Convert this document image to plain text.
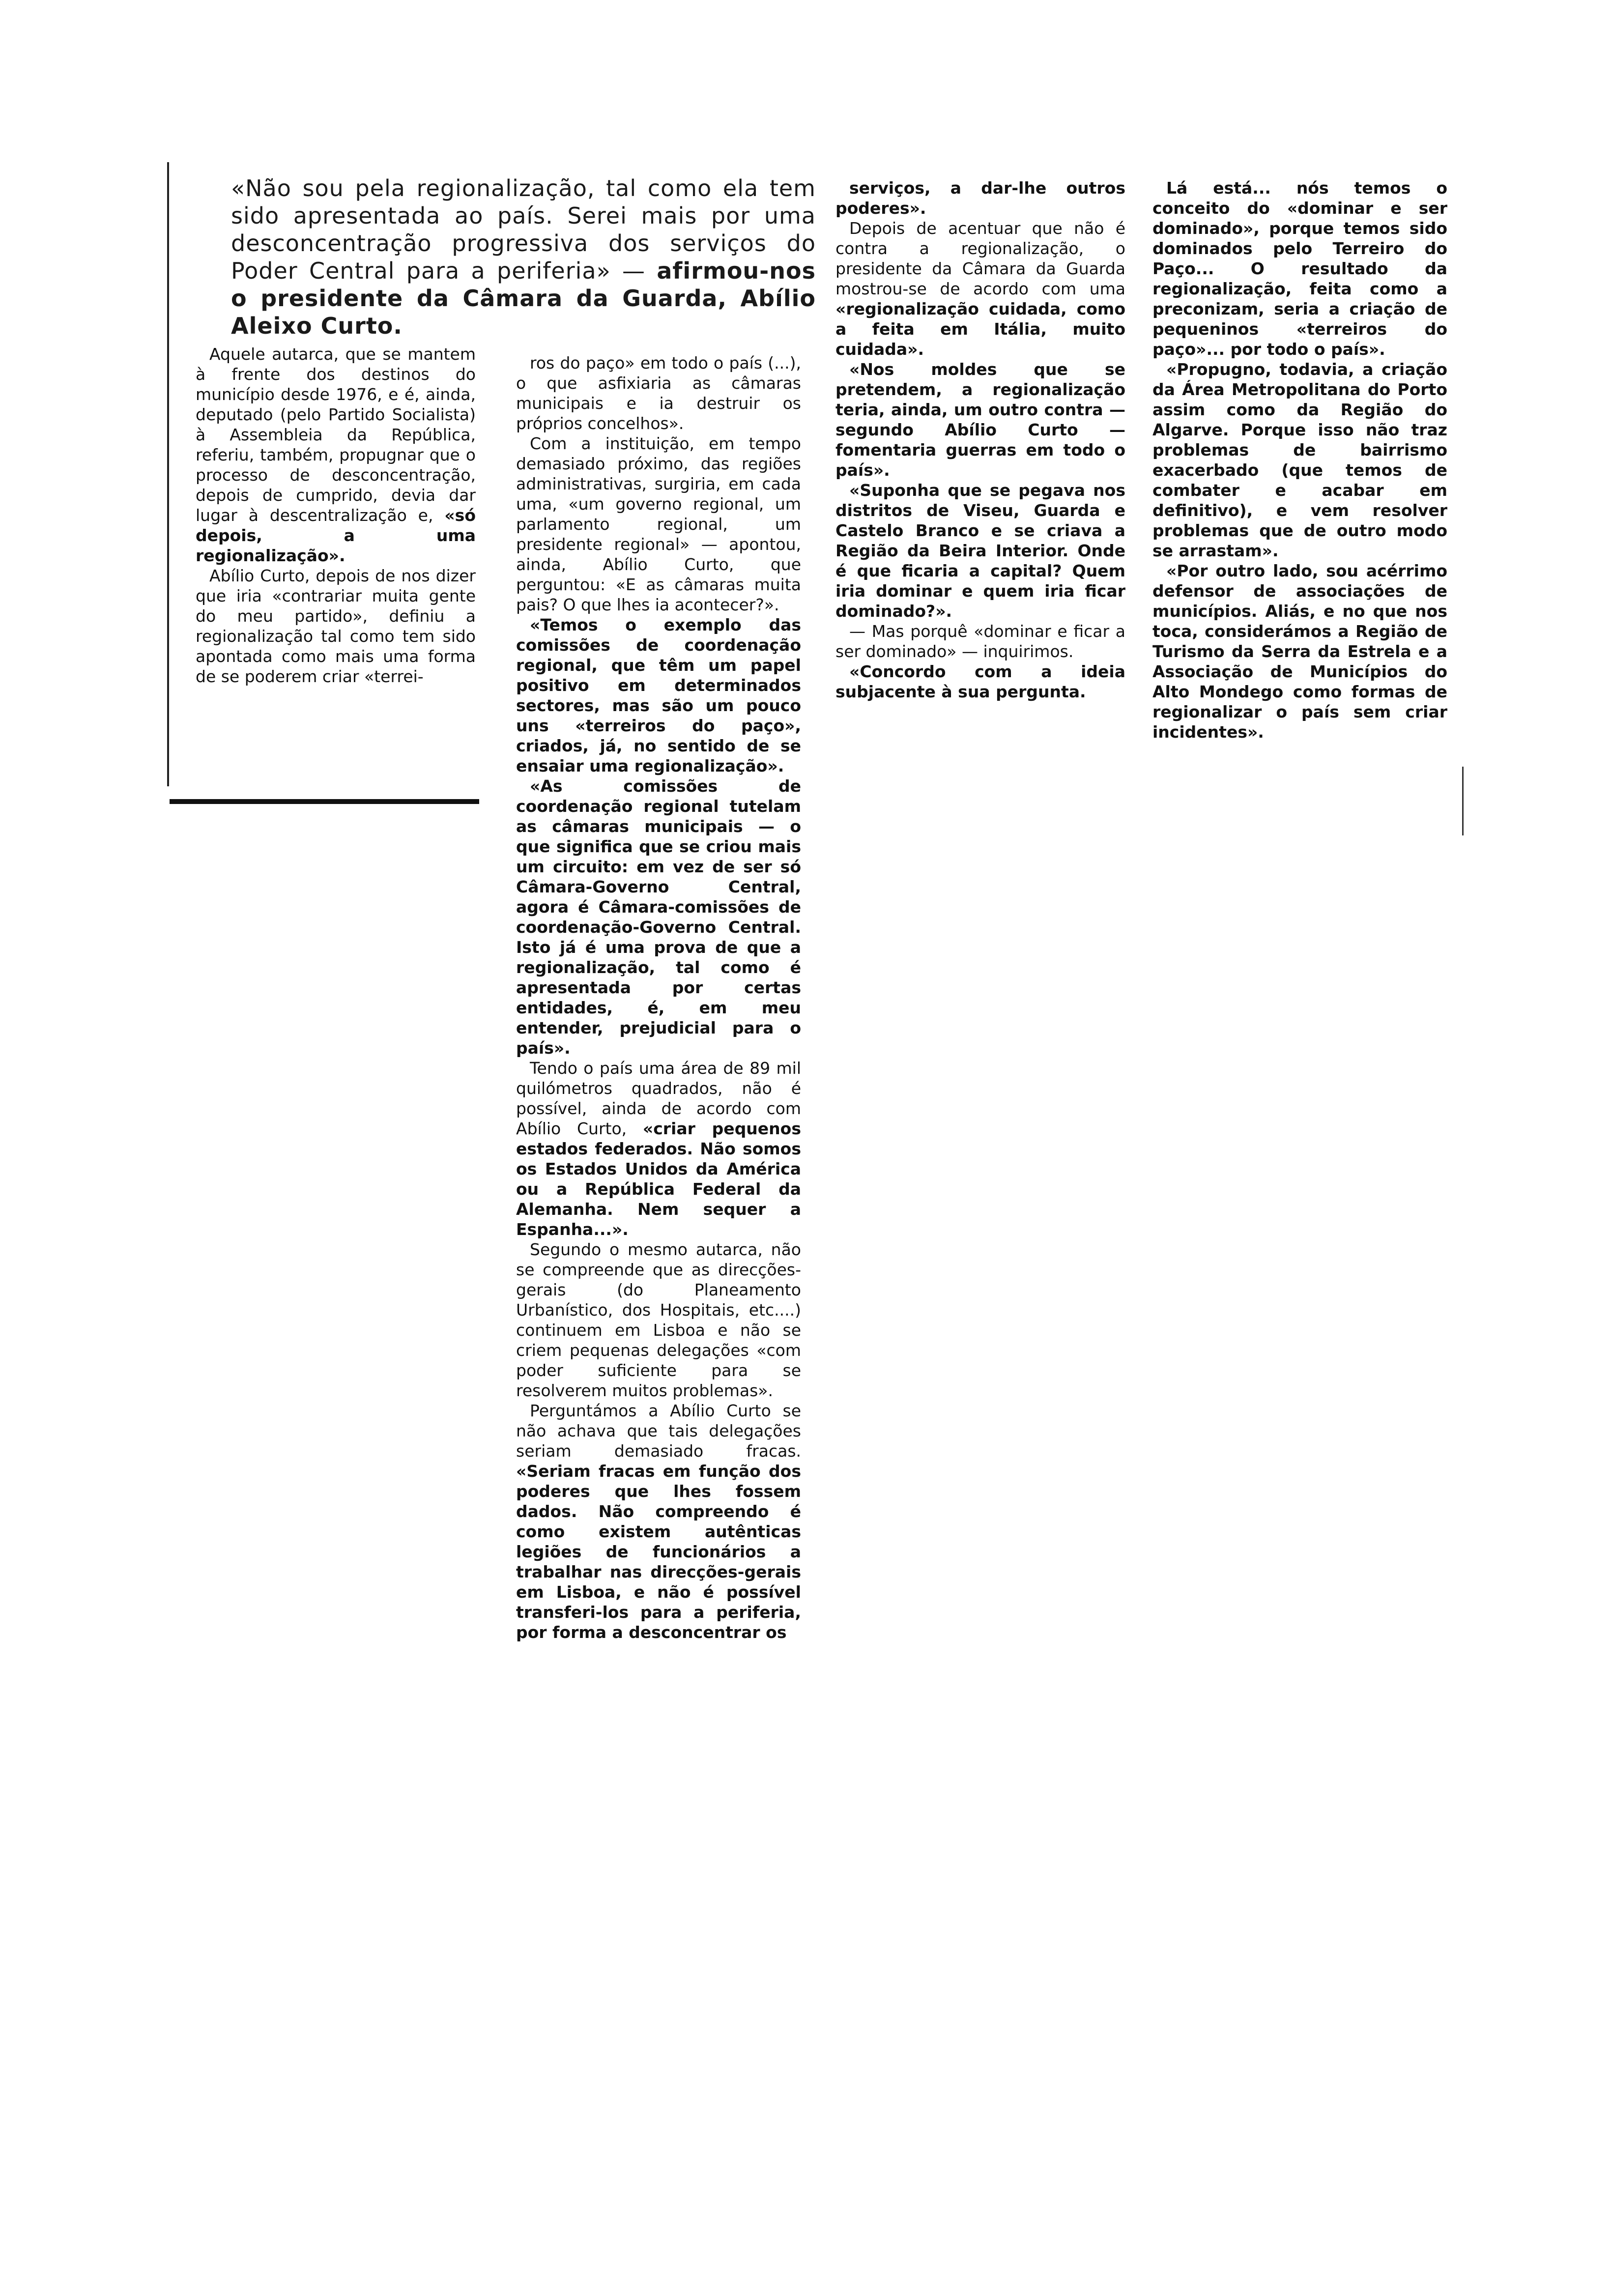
«Não sou pela regionalização, tal como ela tem sido apresentada ao país. Serei mais por uma desconcentração progressiva dos serviços do Poder Central para a periferia» — afirmou-nos o presidente da Câmara da Guarda, Abílio Aleixo Curto.

Aquele autarca, que se mantem à frente dos destinos do município desde 1976, e é, ainda, deputado (pelo Partido Socialista) à Assembleia da República, referiu, também, propugnar que o processo de desconcentração, depois de cumprido, devia dar lugar à descentralização e, «só depois, a uma regionalização».

Abílio Curto, depois de nos dizer que iria «contrariar muita gente do meu partido», definiu a regionalização tal como tem sido apontada como mais uma forma de se poderem criar «terrei-

ros do paço» em todo o país (...), o que asfixiaria as câmaras municipais e ia destruir os próprios concelhos».

Com a instituição, em tempo demasiado próximo, das regiões administrativas, surgiria, em cada uma, «um governo regional, um parlamento regional, um presidente regional» — apontou, ainda, Abílio Curto, que perguntou: «E as câmaras muita pais? O que lhes ia acontecer?».

«Temos o exemplo das comissões de coordenação regional, que têm um papel positivo em determinados sectores, mas são um pouco uns «terreiros do paço», criados, já, no sentido de se ensaiar uma regionalização».

«As comissões de coordenação regional tutelam as câmaras municipais — o que significa que se criou mais um circuito: em vez de ser só Câmara-Governo Central, agora é Câmara-comissões de coordenação-Governo Central. Isto já é uma prova de que a regionalização, tal como é apresentada por certas entidades, é, em meu entender, prejudicial para o país».

Tendo o país uma área de 89 mil quilómetros quadrados, não é possível, ainda de acordo com Abílio Curto, «criar pequenos estados federados. Não somos os Estados Unidos da América ou a República Federal da Alemanha. Nem sequer a Espanha...».

Segundo o mesmo autarca, não se compreende que as direcções-gerais (do Planeamento Urbanístico, dos Hospitais, etc....) continuem em Lisboa e não se criem pequenas delegações «com poder suficiente para se resolverem muitos problemas».

Perguntámos a Abílio Curto se não achava que tais delegações seriam demasiado fracas. «Seriam fracas em função dos poderes que lhes fossem dados. Não compreendo é como existem autênticas legiões de funcionários a trabalhar nas direcções-gerais em Lisboa, e não é possível transferi-los para a periferia, por forma a desconcentrar os

serviços, a dar-lhe outros poderes».

Depois de acentuar que não é contra a regionalização, o presidente da Câmara da Guarda mostrou-se de acordo com uma «regionalização cuidada, como a feita em Itália, muito cuidada».

«Nos moldes que se pretendem, a regionalização teria, ainda, um outro contra — segundo Abílio Curto — fomentaria guerras em todo o país».

«Suponha que se pegava nos distritos de Viseu, Guarda e Castelo Branco e se criava a Região da Beira Interior. Onde é que ficaria a capital? Quem iria dominar e quem iria ficar dominado?».

— Mas porquê «dominar e ficar a ser dominado» — inquirimos.

«Concordo com a ideia subjacente à sua pergunta.

Lá está... nós temos o conceito do «dominar e ser dominado», porque temos sido dominados pelo Terreiro do Paço... O resultado da regionalização, feita como a preconizam, seria a criação de pequeninos «terreiros do paço»... por todo o país».

«Propugno, todavia, a criação da Área Metropolitana do Porto assim como da Região do Algarve. Porque isso não traz problemas de bairrismo exacerbado (que temos de combater e acabar em definitivo), e vem resolver problemas que de outro modo se arrastam».

«Por outro lado, sou acérrimo defensor de associações de municípios. Aliás, e no que nos toca, considerámos a Região de Turismo da Serra da Estrela e a Associação de Municípios do Alto Mondego como formas de regionalizar o país sem criar incidentes».
